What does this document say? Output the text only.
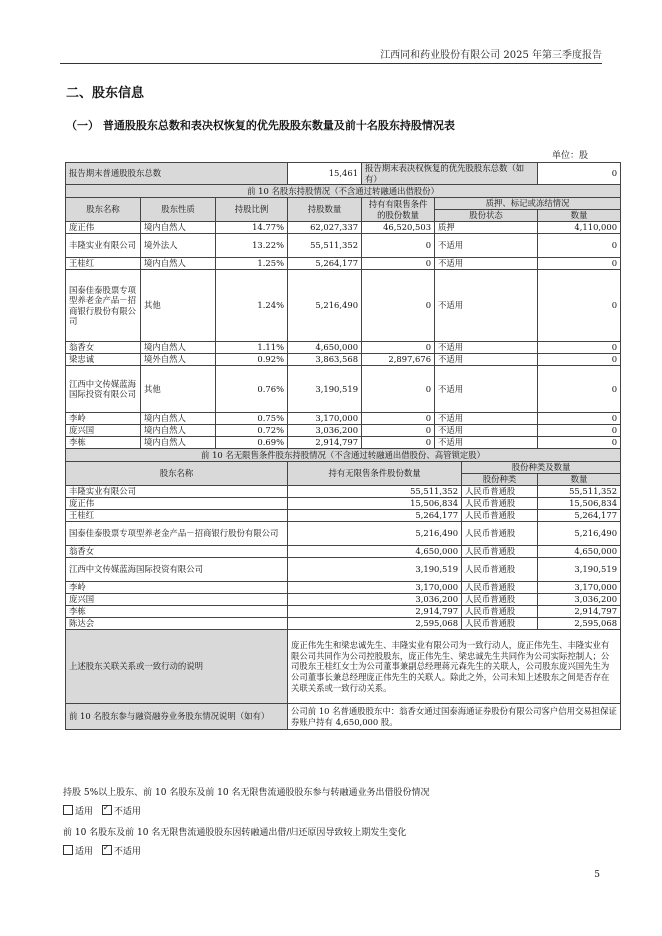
江西同和药业股份有限公司 2025 年第三季度报告
二、股东信息
（一） 普通股股东总数和表决权恢复的优先股股东数量及前十名股东持股情况表
单位：股
报告期末普通股股东总数			15,461	报告期末表决权恢复的优先股股东总数（如有）			0
前 10 名股东持股情况（不含通过转融通出借股份）							
股东名称	股东性质	持股比例	持股数量	持有有限售条件的股份数量	质押、标记或冻结情况		
					股份状态		数量
庞正伟	境内自然人	14.77%	62,027,337	46,520,503	质押		4,110,000
丰隆实业有限公司	境外法人	13.22%	55,511,352	0	不适用		0
王桂红	境内自然人	1.25%	5,264,177	0	不适用		0
国泰佳泰股票专项型养老金产品－招商银行股份有限公司	其他	1.24%	5,216,490	0	不适用		0
翁香女	境内自然人	1.11%	4,650,000	0	不适用		0
梁忠诚	境外自然人	0.92%	3,863,568	2,897,676	不适用		0
江西中文传媒蓝海国际投资有限公司	其他	0.76%	3,190,519	0	不适用		0
李岭	境内自然人	0.75%	3,170,000	0	不适用		0
庞兴国	境内自然人	0.72%	3,036,200	0	不适用		0
李栋	境内自然人	0.69%	2,914,797	0	不适用		0
前 10 名无限售条件股东持股情况（不含通过转融通出借股份、高管锁定股）							
股东名称			持有无限售条件股份数量			股份种类及数量	
						股份种类	数量
丰隆实业有限公司			55,511,352			人民币普通股	55,511,352
庞正伟			15,506,834			人民币普通股	15,506,834
王桂红			5,264,177			人民币普通股	5,264,177
国泰佳泰股票专项型养老金产品－招商银行股份有限公司			5,216,490			人民币普通股	5,216,490
翁香女			4,650,000			人民币普通股	4,650,000
江西中文传媒蓝海国际投资有限公司			3,190,519			人民币普通股	3,190,519
李岭			3,170,000			人民币普通股	3,170,000
庞兴国			3,036,200			人民币普通股	3,036,200
李栋			2,914,797			人民币普通股	2,914,797
陈达会			2,595,068			人民币普通股	2,595,068
上述股东关联关系或一致行动的说明			庞正伟先生和梁忠诚先生、丰隆实业有限公司为一致行动人，庞正伟先生、丰隆实业有限公司共同作为公司控股股东，庞正伟先生、梁忠诚先生共同作为公司实际控制人；公司股东王桂红女士为公司董事兼副总经理蒋元森先生的关联人，公司股东庞兴国先生为公司董事长兼总经理庞正伟先生的关联人。除此之外，公司未知上述股东之间是否存在关联关系或一致行动关系。				
前 10 名股东参与融资融券业务股东情况说明（如有）			公司前 10 名普通股股东中：翁香女通过国泰海通证券股份有限公司客户信用交易担保证券账户持有 4,650,000 股。				
持股 5%以上股东、前 10 名股东及前 10 名无限售流通股股东参与转融通业务出借股份情况
适用 ✓ 不适用
前 10 名股东及前 10 名无限售流通股股东因转融通出借/归还原因导致较上期发生变化
适用 ✓ 不适用
5
